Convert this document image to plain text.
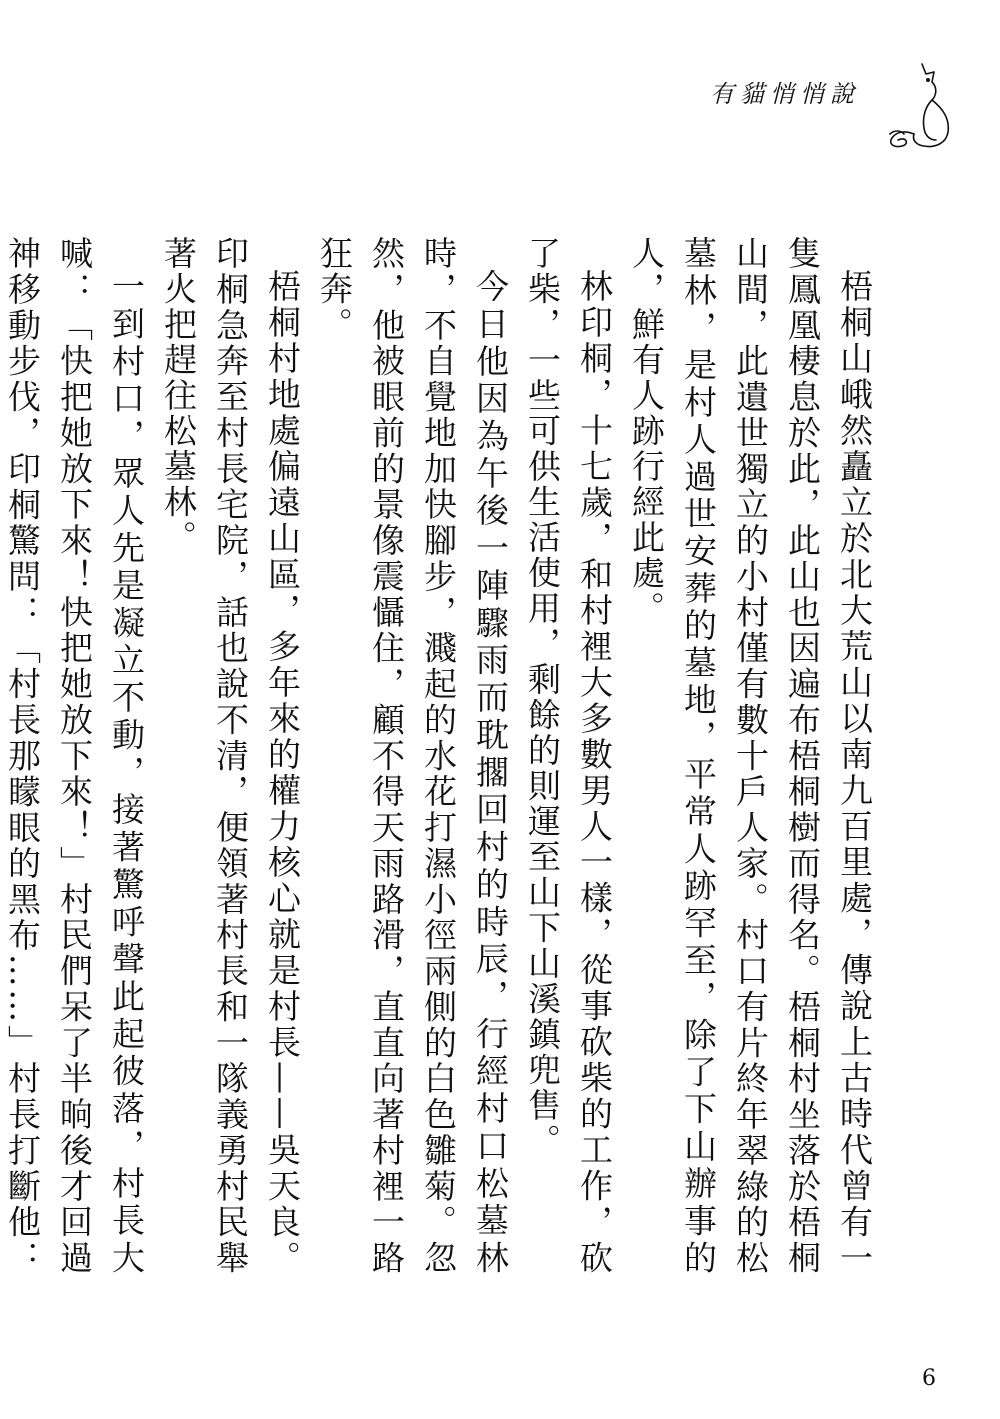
有貓悄悄說

梧桐山峨然矗立於北大荒山以南九百里處，傳說上古時代曾有一隻鳳凰棲息於此，此山也因遍布梧桐樹而得名。梧桐村坐落於梧桐山間，此遺世獨立的小村僅有數十戶人家。村口有片終年翠綠的松墓林，是村人過世安葬的墓地，平常人跡罕至，除了下山辦事的人，鮮有人跡行經此處。

林印桐，十七歲，和村裡大多數男人一樣，從事砍柴的工作，砍了柴，一些可供生活使用，剩餘的則運至山下山溪鎮兜售。

今日他因為午後一陣驟雨而耽擱回村的時辰，行經村口松墓林時，不自覺地加快腳步，濺起的水花打濕小徑兩側的白色雛菊。忽然，他被眼前的景像震懾住，顧不得天雨路滑，直直向著村裡一路狂奔。

梧桐村地處偏遠山區，多年來的權力核心就是村長——吳天良。印桐急奔至村長宅院，話也說不清，便領著村長和一隊義勇村民舉著火把趕往松墓林。

一到村口，眾人先是凝立不動，接著驚呼聲此起彼落，村長大喊：「快把她放下來！快把她放下來！」村民們呆了半晌後才回過神移動步伐，印桐驚問：「村長那矇眼的黑布……」村長打斷他：

6
